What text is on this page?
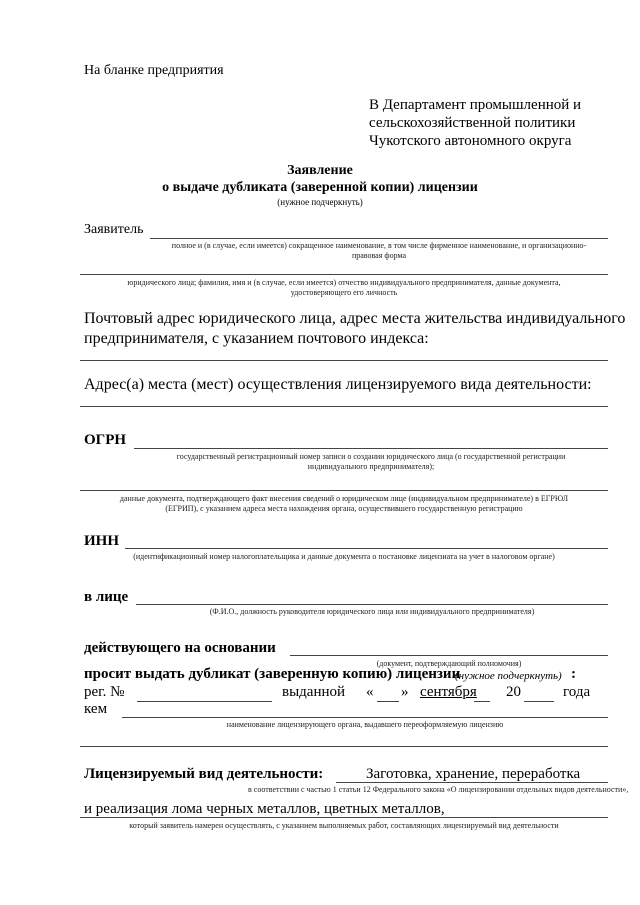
На бланке предприятия
В Департамент промышленной и
сельскохозяйственной политики
Чукотского автономного округа
Заявление
о выдаче дубликата (заверенной копии) лицензии
(нужное подчеркнуть)
Заявитель
полное и (в случае, если имеется) сокращенное наименование, в том числе фирменное наименование, и организационно-
правовая форма
юридического лица; фамилия, имя и (в случае, если имеется) отчество индивидуального предпринимателя, данные документа,
удостоверяющего его личность
Почтовый адрес юридического лица, адрес места жительства индивидуального
предпринимателя, с указанием почтового индекса:
Адрес(а) места (мест) осуществления лицензируемого вида деятельности:
ОГРН
государственный регистрационный номер записи о создании юридического лица (о государственной регистрации
индивидуального предпринимателя);
данные документа, подтверждающего факт внесения сведений о юридическом лице (индивидуальном предпринимателе) в ЕГРЮЛ
(ЕГРИП), с указанием адреса места нахождения органа, осуществившего государственную регистрацию
ИНН
(идентификационный номер налогоплательщика и данные документа о постановке лицензиата на учет в налоговом органе)
в лице
(Ф.И.О., должность руководителя юридического лица или индивидуального предпринимателя)
действующего на основании
(документ, подтверждающий полномочия)
просит выдать дубликат (заверенную копию) лицензии
(нужное подчеркнуть) :
рег. №	выданной « » сентября 20	года
кем
наименование лицензирующего органа, выдавшего переоформляемую лицензию
Лицензируемый вид деятельности:	Заготовка, хранение, переработка
в соответствии с частью 1 статьи 12 Федерального закона «О лицензировании отдельных видов деятельности»,
и реализация лома черных металлов, цветных металлов,
который заявитель намерен осуществлять, с указанием выполняемых работ, составляющих лицензируемый вид деятельности
